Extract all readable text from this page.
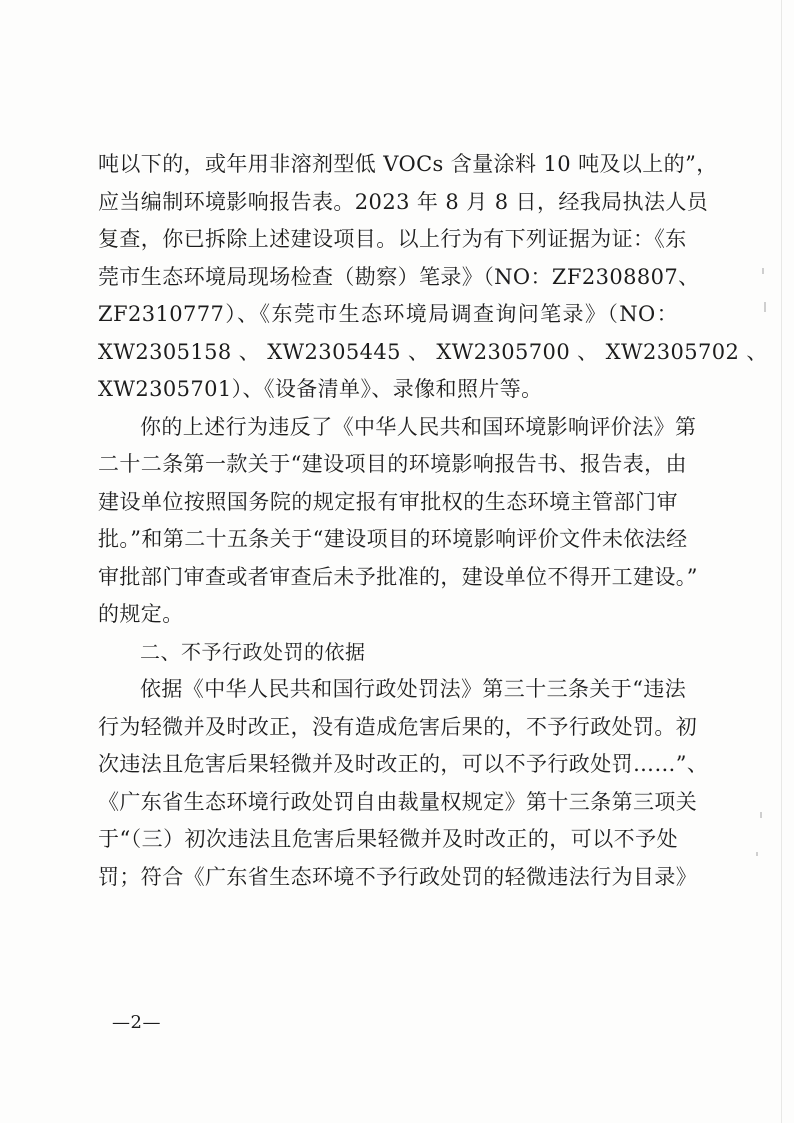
吨以下的，或年用非溶剂型低 VOCs 含量涂料 10 吨及以上的”，
应当编制环境影响报告表。2023 年 8 月 8 日，经我局执法人员
复查，你已拆除上述建设项目。以上行为有下列证据为证：《东
莞市生态环境局现场检查（勘察）笔录》（NO：ZF2308807、
ZF2310777）、《东莞市生态环境局调查询问笔录》（NO：
XW2305158 、 XW2305445 、 XW2305700 、 XW2305702 、
XW2305701）、《设备清单》、录像和照片等。
你的上述行为违反了《中华人民共和国环境影响评价法》第
二十二条第一款关于“建设项目的环境影响报告书、报告表，由
建设单位按照国务院的规定报有审批权的生态环境主管部门审
批。”和第二十五条关于“建设项目的环境影响评价文件未依法经
审批部门审查或者审查后未予批准的，建设单位不得开工建设。”
的规定。
二、不予行政处罚的依据
依据《中华人民共和国行政处罚法》第三十三条关于“违法
行为轻微并及时改正，没有造成危害后果的，不予行政处罚。初
次违法且危害后果轻微并及时改正的，可以不予行政处罚……”、
《广东省生态环境行政处罚自由裁量权规定》第十三条第三项关
于“（三）初次违法且危害后果轻微并及时改正的，可以不予处
罚；符合《广东省生态环境不予行政处罚的轻微违法行为目录》
—2—
